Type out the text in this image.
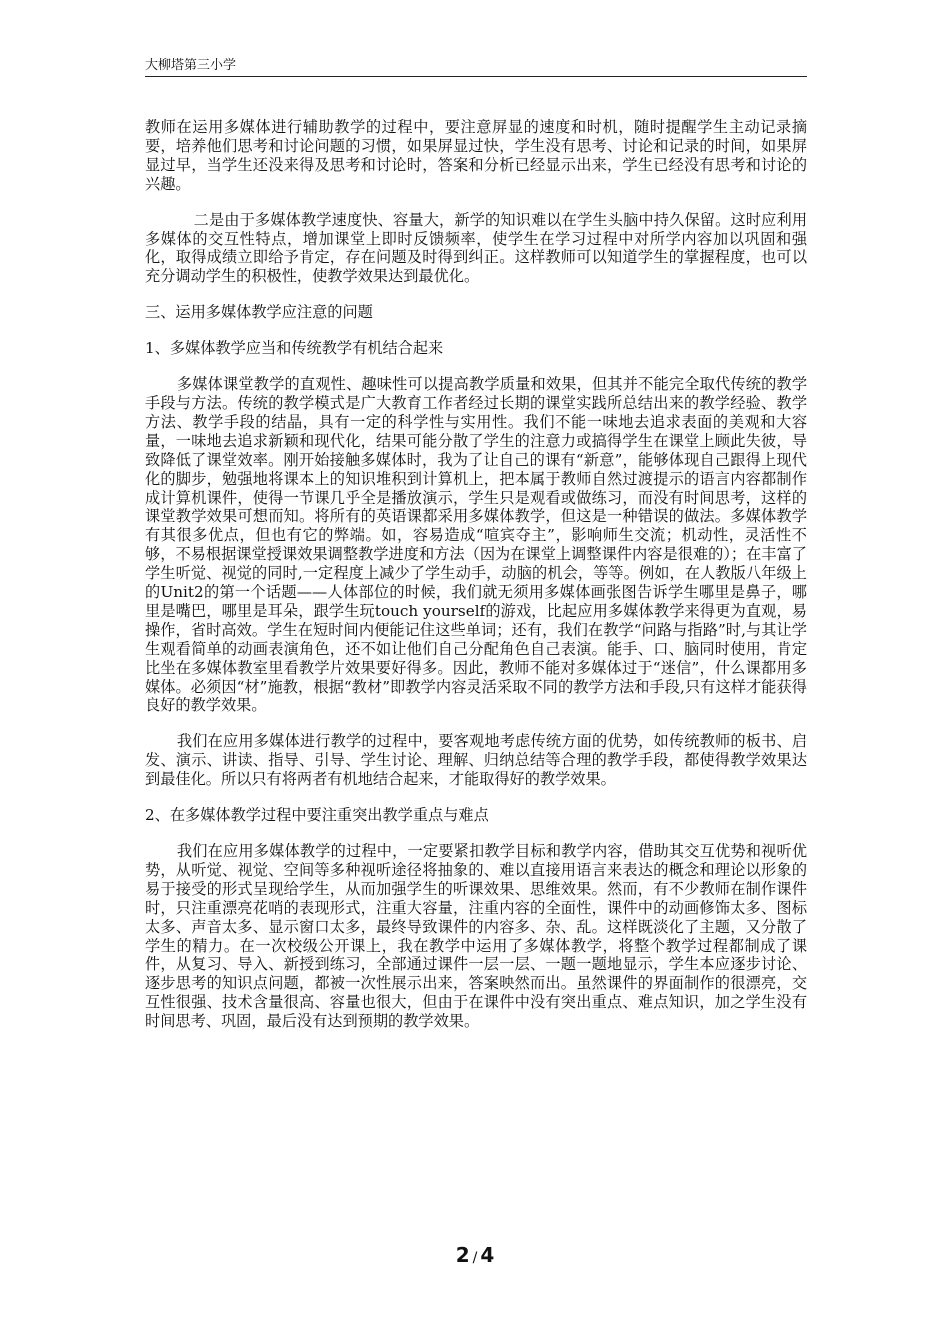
大柳塔第三小学

教师在运用多媒体进行辅助教学的过程中，要注意屏显的速度和时机，随时提醒学生主动记录摘要，培养他们思考和讨论问题的习惯，如果屏显过快，学生没有思考、讨论和记录的时间，如果屏显过早，当学生还没来得及思考和讨论时，答案和分析已经显示出来，学生已经没有思考和讨论的兴趣。

二是由于多媒体教学速度快、容量大，新学的知识难以在学生头脑中持久保留。这时应利用多媒体的交互性特点，增加课堂上即时反馈频率，使学生在学习过程中对所学内容加以巩固和强化，取得成绩立即给予肯定，存在问题及时得到纠正。这样教师可以知道学生的掌握程度，也可以充分调动学生的积极性，使教学效果达到最优化。

三、运用多媒体教学应注意的问题

1、多媒体教学应当和传统教学有机结合起来

多媒体课堂教学的直观性、趣味性可以提高教学质量和效果，但其并不能完全取代传统的教学手段与方法。传统的教学模式是广大教育工作者经过长期的课堂实践所总结出来的教学经验、教学方法、教学手段的结晶，具有一定的科学性与实用性。我们不能一味地去追求表面的美观和大容量，一味地去追求新颖和现代化，结果可能分散了学生的注意力或搞得学生在课堂上顾此失彼，导致降低了课堂效率。刚开始接触多媒体时，我为了让自己的课有“新意”，能够体现自己跟得上现代化的脚步，勉强地将课本上的知识堆积到计算机上，把本属于教师自然过渡提示的语言内容都制作成计算机课件，使得一节课几乎全是播放演示，学生只是观看或做练习，而没有时间思考，这样的课堂教学效果可想而知。将所有的英语课都采用多媒体教学，但这是一种错误的做法。多媒体教学有其很多优点，但也有它的弊端。如，容易造成“喧宾夺主”，影响师生交流；机动性，灵活性不够，不易根据课堂授课效果调整教学进度和方法（因为在课堂上调整课件内容是很难的）；在丰富了学生听觉、视觉的同时,一定程度上减少了学生动手，动脑的机会，等等。例如，在人教版八年级上的Unit2的第一个话题——人体部位的时候，我们就无须用多媒体画张图告诉学生哪里是鼻子，哪里是嘴巴，哪里是耳朵，跟学生玩touch yourself的游戏，比起应用多媒体教学来得更为直观，易操作，省时高效。学生在短时间内便能记住这些单词；还有，我们在教学“问路与指路”时,与其让学生观看简单的动画表演角色，还不如让他们自己分配角色自己表演。能手、口、脑同时使用，肯定比坐在多媒体教室里看教学片效果要好得多。因此，教师不能对多媒体过于“迷信”，什么课都用多媒体。必须因“材”施教，根据“教材”即教学内容灵活采取不同的教学方法和手段,只有这样才能获得良好的教学效果。

我们在应用多媒体进行教学的过程中，要客观地考虑传统方面的优势，如传统教师的板书、启发、演示、讲读、指导、引导、学生讨论、理解、归纳总结等合理的教学手段，都使得教学效果达到最佳化。所以只有将两者有机地结合起来，才能取得好的教学效果。

2、在多媒体教学过程中要注重突出教学重点与难点

我们在应用多媒体教学的过程中，一定要紧扣教学目标和教学内容，借助其交互优势和视听优势，从听觉、视觉、空间等多种视听途径将抽象的、难以直接用语言来表达的概念和理论以形象的易于接受的形式呈现给学生，从而加强学生的听课效果、思维效果。然而，有不少教师在制作课件时，只注重漂亮花哨的表现形式，注重大容量，注重内容的全面性，课件中的动画修饰太多、图标太多、声音太多、显示窗口太多，最终导致课件的内容多、杂、乱。这样既淡化了主题，又分散了学生的精力。在一次校级公开课上，我在教学中运用了多媒体教学，将整个教学过程都制成了课件，从复习、导入、新授到练习，全部通过课件一层一层、一题一题地显示，学生本应逐步讨论、逐步思考的知识点问题，都被一次性展示出来，答案映然而出。虽然课件的界面制作的很漂亮，交互性很强、技术含量很高、容量也很大，但由于在课件中没有突出重点、难点知识，加之学生没有时间思考、巩固，最后没有达到预期的教学效果。

2 / 4
